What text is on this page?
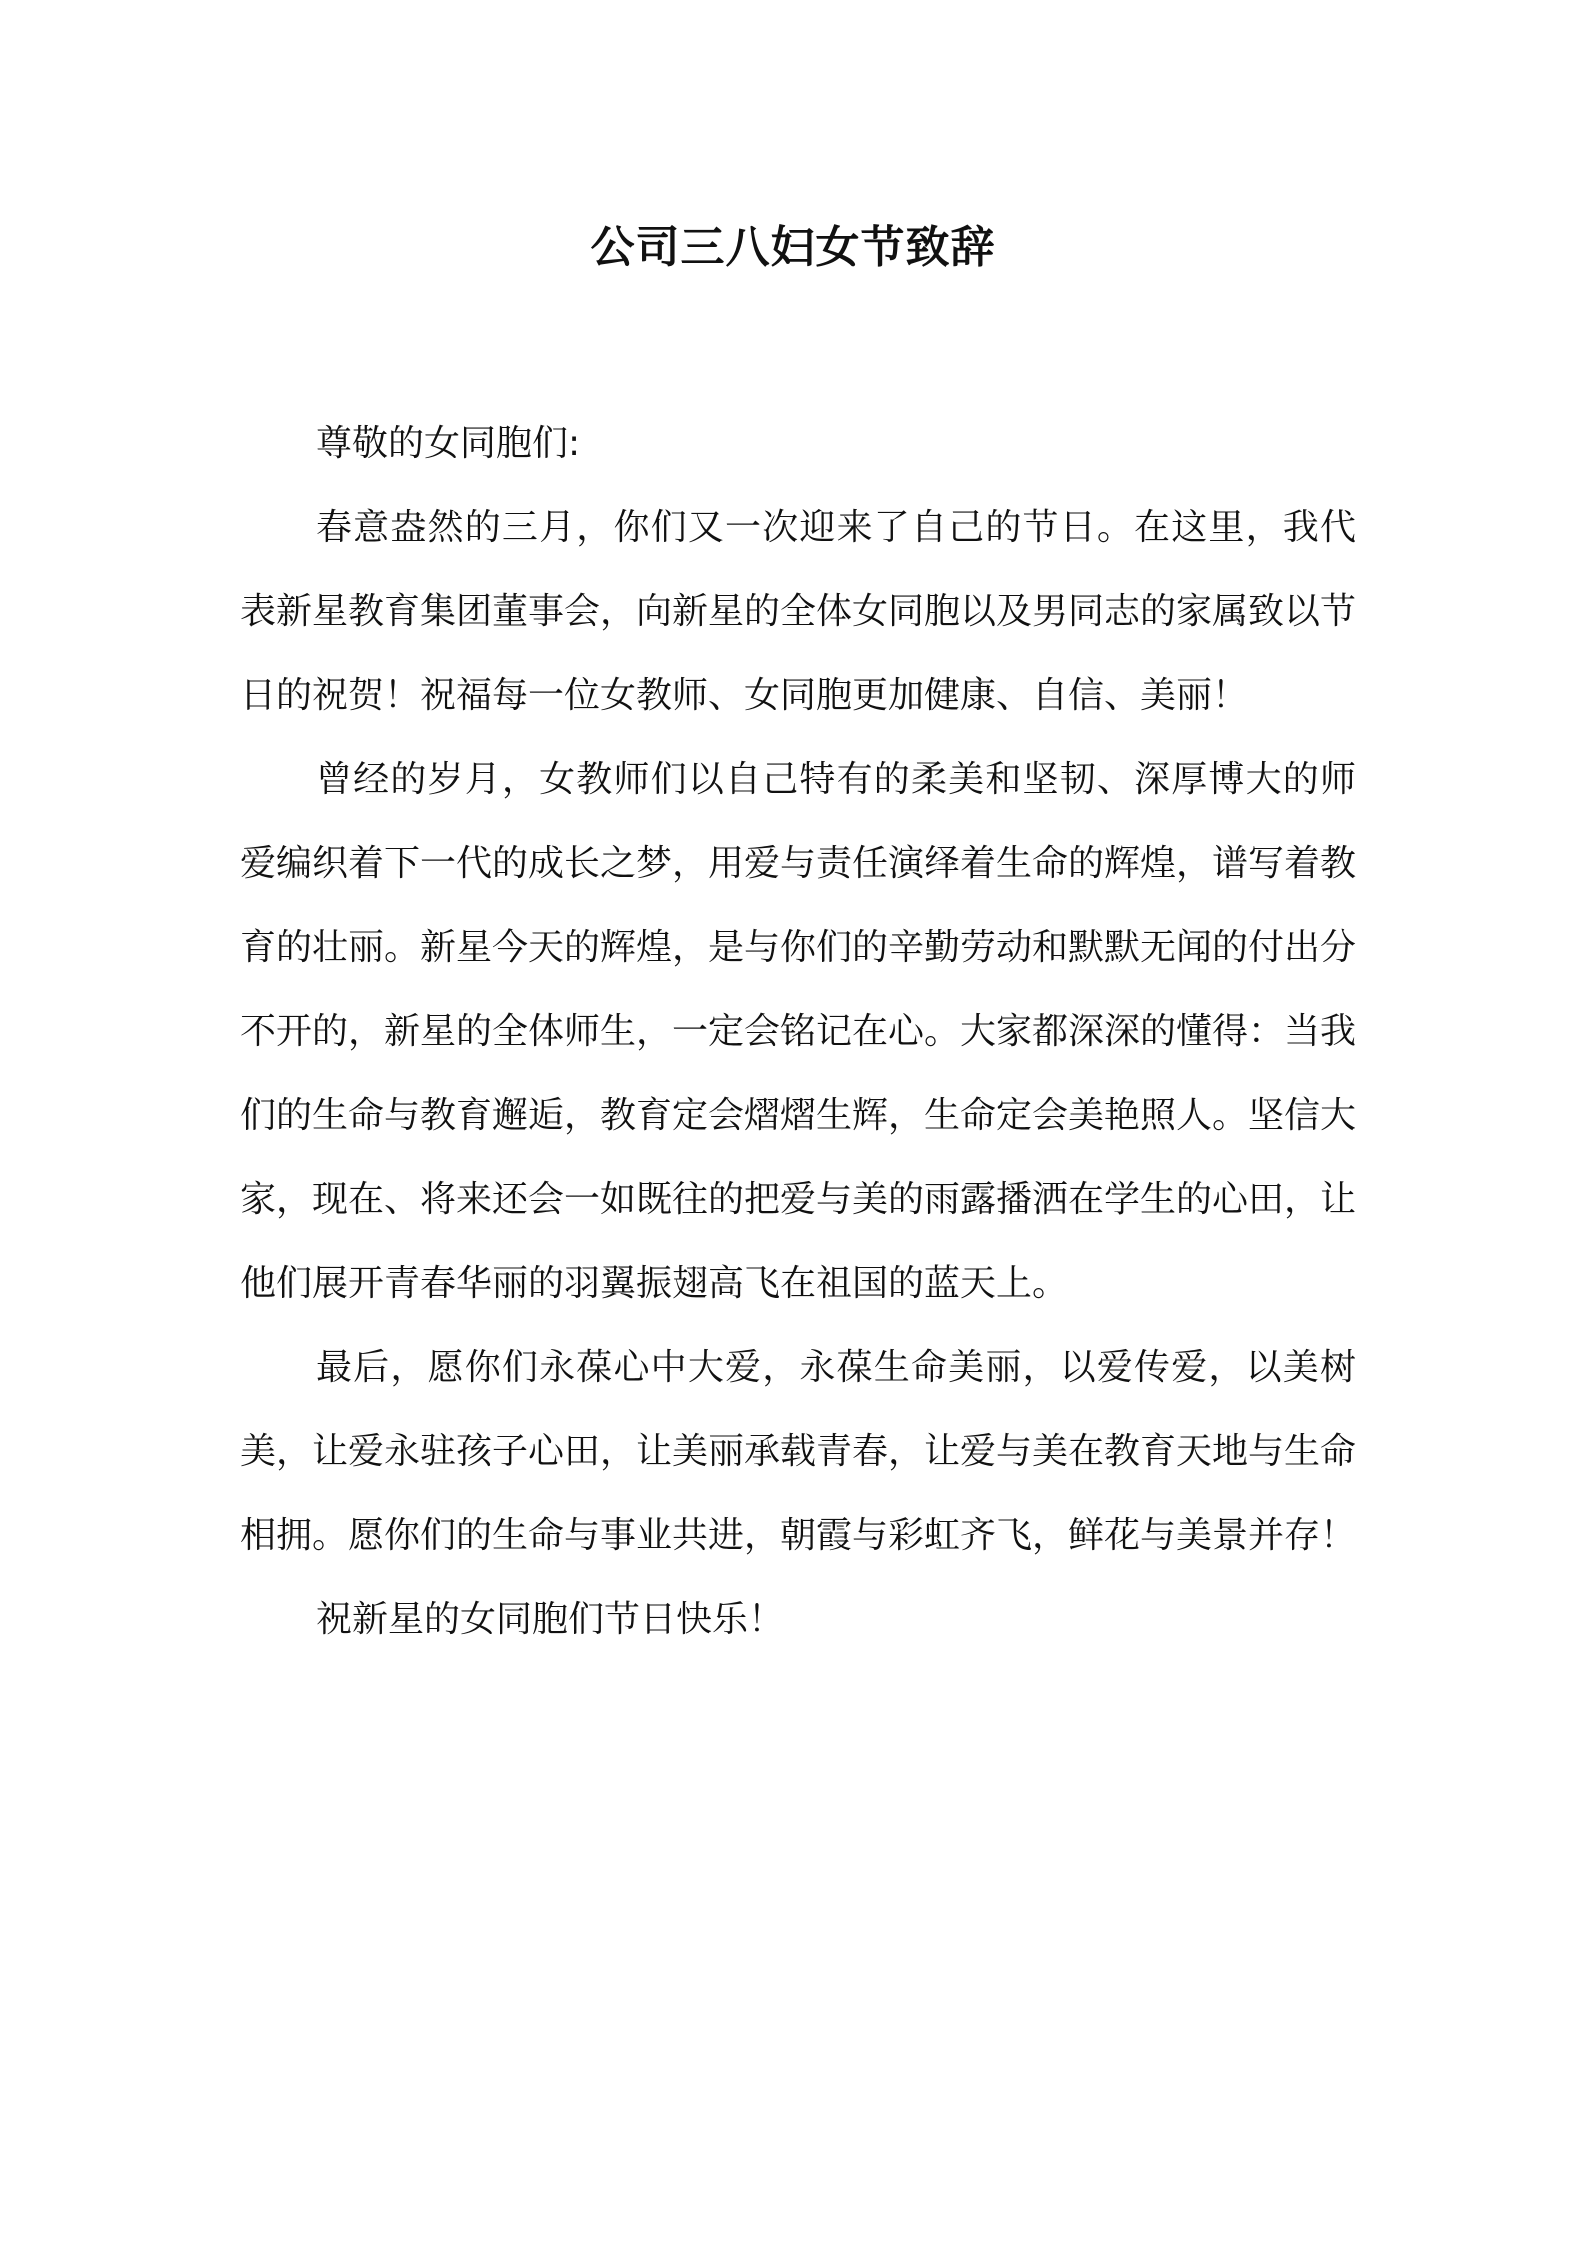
公司三八妇女节致辞

尊敬的女同胞们:

春意盎然的三月，你们又一次迎来了自己的节日。在这里，我代表新星教育集团董事会，向新星的全体女同胞以及男同志的家属致以节日的祝贺！祝福每一位女教师、女同胞更加健康、自信、美丽！

曾经的岁月，女教师们以自己特有的柔美和坚韧、深厚博大的师爱编织着下一代的成长之梦，用爱与责任演绎着生命的辉煌，谱写着教育的壮丽。新星今天的辉煌，是与你们的辛勤劳动和默默无闻的付出分不开的，新星的全体师生，一定会铭记在心。大家都深深的懂得：当我们的生命与教育邂逅，教育定会熠熠生辉，生命定会美艳照人。坚信大家，现在、将来还会一如既往的把爱与美的雨露播洒在学生的心田，让他们展开青春华丽的羽翼振翅高飞在祖国的蓝天上。

最后，愿你们永葆心中大爱，永葆生命美丽，以爱传爱，以美树美，让爱永驻孩子心田，让美丽承载青春，让爱与美在教育天地与生命相拥。愿你们的生命与事业共进，朝霞与彩虹齐飞，鲜花与美景并存！

祝新星的女同胞们节日快乐！
